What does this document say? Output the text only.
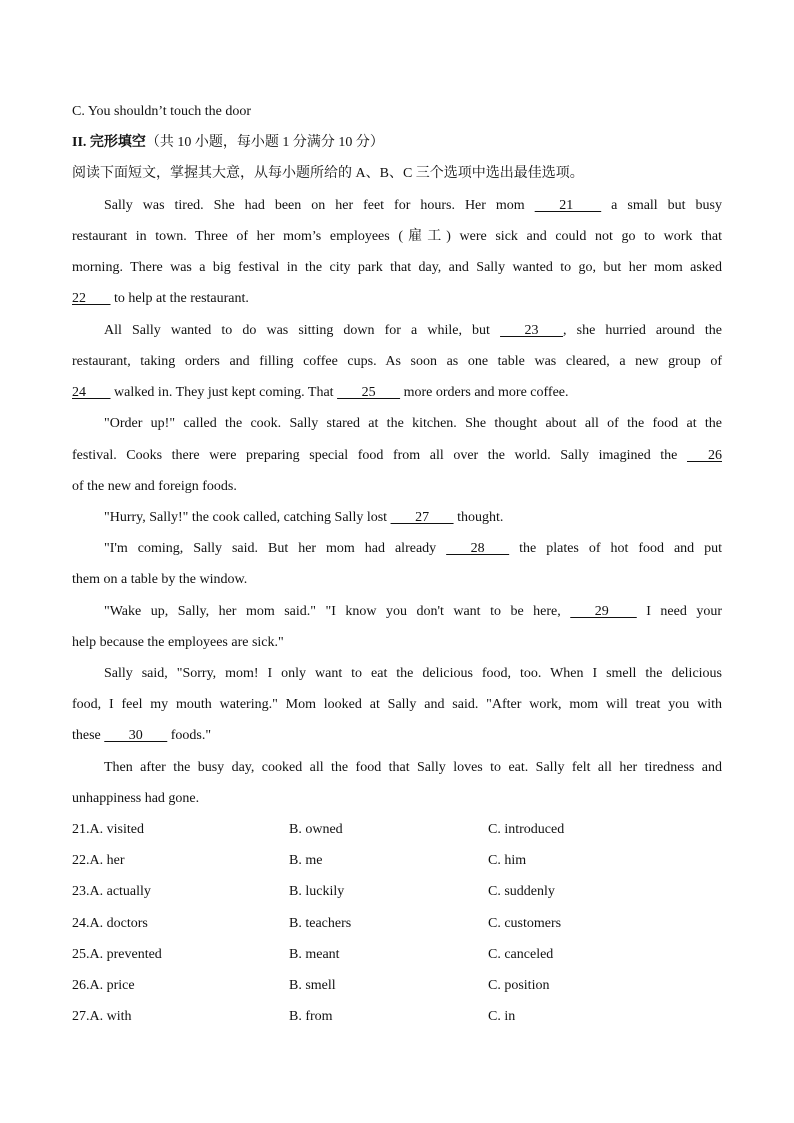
C. You shouldn’t touch the door
II. 完形填空（共 10 小题，每小题 1 分满分 10 分）
阅读下面短文，掌握其大意，从每小题所给的 A、B、C 三个选项中选出最佳选项。
Sally was tired. She had been on her feet for hours. Her mom        21         a small but busy
restaurant in town. Three of her mom’s employees (雇工) were sick and could not go to work that
morning. There was a big festival in the city park that day, and Sally wanted to go, but her mom asked
22        to help at the restaurant.
All Sally wanted to do was sitting down for a while, but        23       , she hurried around the
restaurant, taking orders and filling coffee cups. As soon as one table was cleared, a new group of
24        walked in. They just kept coming. That        25        more orders and more coffee.
"Order up!" called the cook. Sally stared at the kitchen. She thought about all of the food at the
festival. Cooks there were preparing special food from all over the world. Sally imagined the       26
of the new and foreign foods.
"Hurry, Sally!" the cook called, catching Sally lost        27        thought.
"I'm coming, Sally said. But her mom had already        28        the plates of hot food and put
them on a table by the window.
"Wake up, Sally, her mom said." "I know you don't want to be here,        29         I need your
help because the employees are sick."
Sally said, "Sorry, mom! I only want to eat the delicious food, too. When I smell the delicious
food, I feel my mouth watering." Mom looked at Sally and said. "After work, mom will treat you with
these        30        foods."
Then after the busy day, cooked all the food that Sally loves to eat. Sally felt all her tiredness and
unhappiness had gone.
21.A. visited	B. owned	C. introduced
22.A. her	B. me	C. him
23.A. actually	B. luckily	C. suddenly
24.A. doctors	B. teachers	C. customers
25.A. prevented	B. meant	C. canceled
26.A. price	B. smell	C. position
27.A. with	B. from	C. in
